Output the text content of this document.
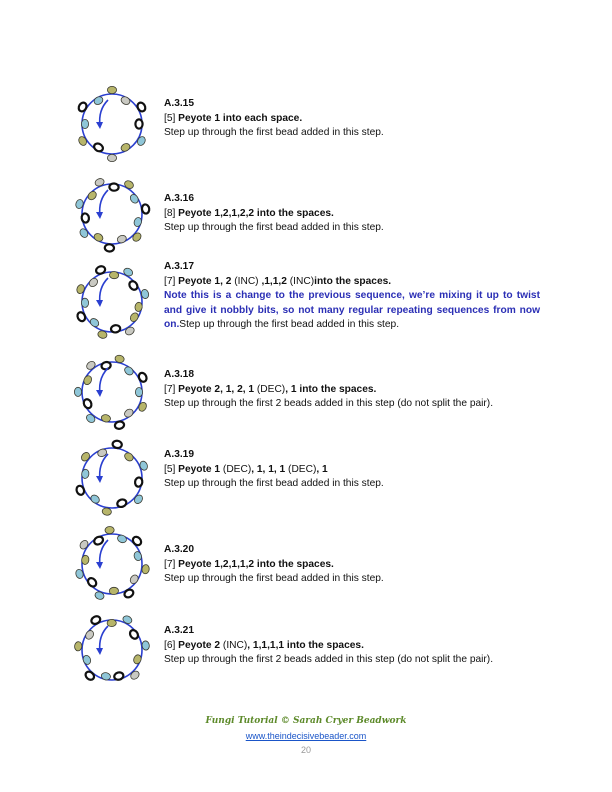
A.3.15

[5] Peyote 1 into each space.

Step up through the first bead added in this step.

A.3.16

[8] Peyote 1,2,1,2,2 into the spaces.

Step up through the first bead added in this step.

A.3.17

[7] Peyote 1, 2 (INC) ,1,1,2 (INC)into the spaces.

Note this is a change to the previous sequence, we’re mixing it up to twist and give it nobbly bits, so not many regular repeating sequences from now on.Step up through the first bead added in this step.

A.3.18

[7] Peyote 2, 1, 2, 1 (DEC), 1 into the spaces.

Step up through the first 2 beads added in this step (do not split the pair).

A.3.19

[5] Peyote 1 (DEC), 1, 1, 1 (DEC), 1

Step up through the first bead added in this step.

A.3.20

[7] Peyote 1,2,1,1,2 into the spaces.

Step up through the first bead added in this step.

A.3.21

[6] Peyote 2 (INC), 1,1,1,1 into the spaces.

Step up through the first 2 beads added in this step (do not split the pair).

Fungi Tutorial © Sarah Cryer Beadwork
www.theindecisivebeader.com
20
